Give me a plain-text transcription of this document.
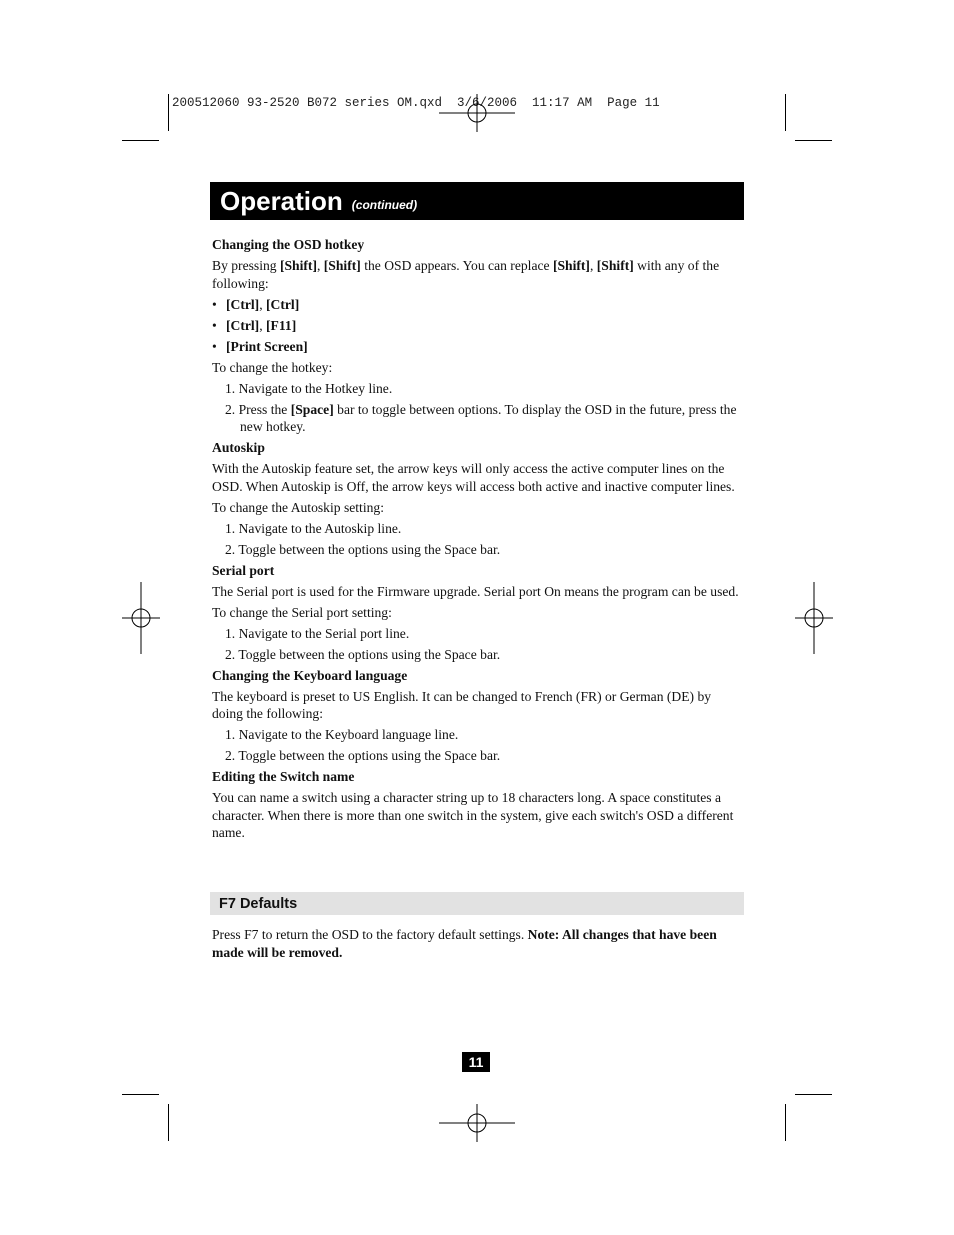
200512060 93-2520 B072 series OM.qxd  3/6/2006  11:17 AM  Page 11
Operation (continued)

Changing the OSD hotkey

By pressing [Shift], [Shift] the OSD appears. You can replace [Shift], [Shift] with any of the following:

• [Ctrl], [Ctrl]

• [Ctrl], [F11]

• [Print Screen]

To change the hotkey:

1. Navigate to the Hotkey line.

2. Press the [Space] bar to toggle between options. To display the OSD in the future, press the new hotkey.

Autoskip

With the Autoskip feature set, the arrow keys will only access the active computer lines on the OSD. When Autoskip is Off, the arrow keys will access both active and inactive computer lines.

To change the Autoskip setting:

1. Navigate to the Autoskip line.

2. Toggle between the options using the Space bar.

Serial port

The Serial port is used for the Firmware upgrade. Serial port On means the program can be used.

To change the Serial port setting:

1. Navigate to the Serial port line.

2. Toggle between the options using the Space bar.

Changing the Keyboard language

The keyboard is preset to US English. It can be changed to French (FR) or German (DE) by doing the following:

1. Navigate to the Keyboard language line.

2. Toggle between the options using the Space bar.

Editing the Switch name

You can name a switch using a character string up to 18 characters long. A space constitutes a character. When there is more than one switch in the system, give each switch's OSD a different name.

F7 Defaults
Press F7 to return the OSD to the factory default settings. Note: All changes that have been made will be removed.
11
